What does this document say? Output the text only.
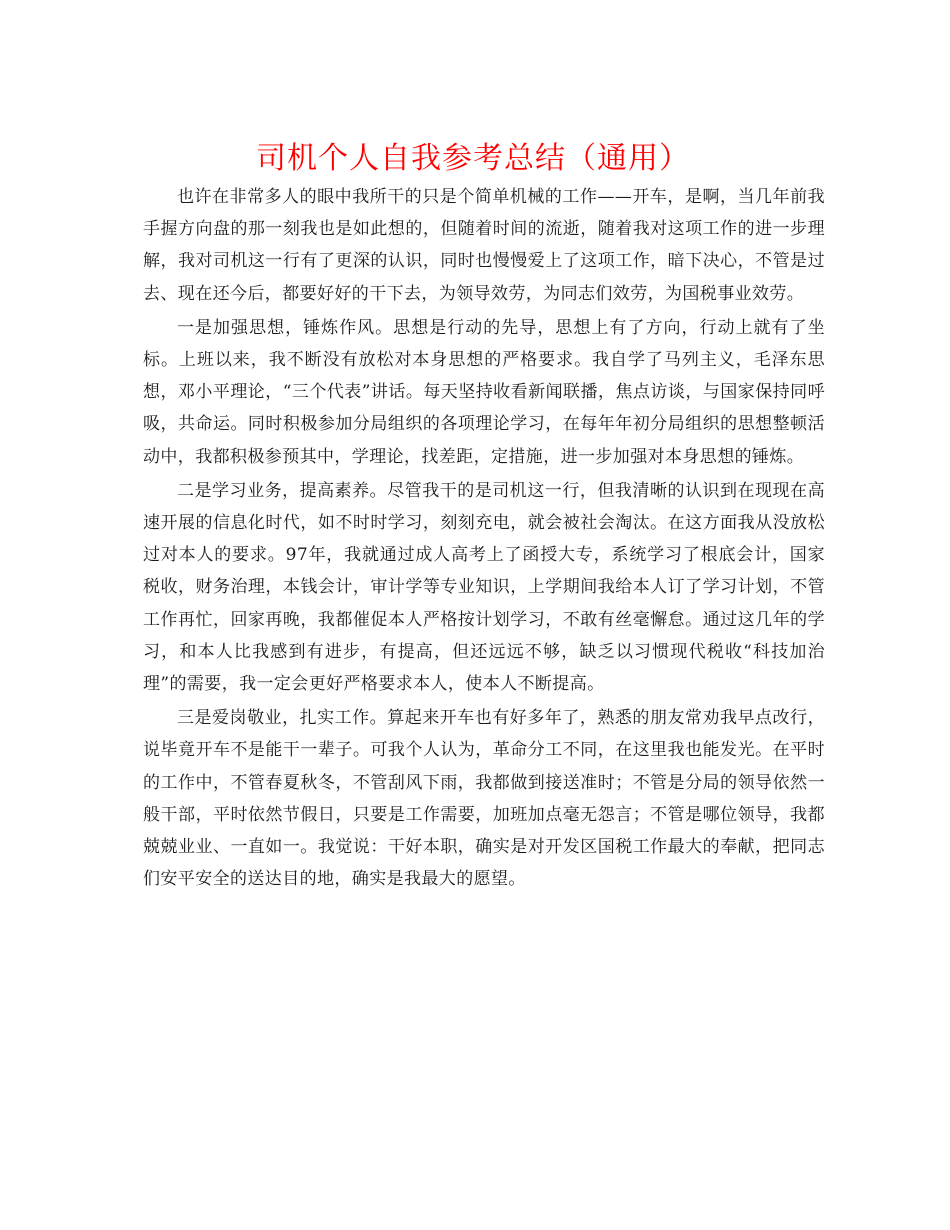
司机个人自我参考总结（通用）

也许在非常多人的眼中我所干的只是个简单机械的工作——开车，是啊，当几年前我手握方向盘的那一刻我也是如此想的，但随着时间的流逝，随着我对这项工作的进一步理解，我对司机这一行有了更深的认识，同时也慢慢爱上了这项工作，暗下决心，不管是过去、现在还今后，都要好好的干下去，为领导效劳，为同志们效劳，为国税事业效劳。

一是加强思想，锤炼作风。思想是行动的先导，思想上有了方向，行动上就有了坐标。上班以来，我不断没有放松对本身思想的严格要求。我自学了马列主义，毛泽东思想，邓小平理论，“三个代表”讲话。每天坚持收看新闻联播，焦点访谈，与国家保持同呼吸，共命运。同时积极参加分局组织的各项理论学习，在每年年初分局组织的思想整顿活动中，我都积极参预其中，学理论，找差距，定措施，进一步加强对本身思想的锤炼。

二是学习业务，提高素养。尽管我干的是司机这一行，但我清晰的认识到在现现在高速开展的信息化时代，如不时时学习，刻刻充电，就会被社会淘汰。在这方面我从没放松过对本人的要求。97年，我就通过成人高考上了函授大专，系统学习了根底会计，国家税收，财务治理，本钱会计，审计学等专业知识，上学期间我给本人订了学习计划，不管工作再忙，回家再晚，我都催促本人严格按计划学习，不敢有丝毫懈怠。通过这几年的学习，和本人比我感到有进步，有提高，但还远远不够，缺乏以习惯现代税收“科技加治理”的需要，我一定会更好严格要求本人，使本人不断提高。

三是爱岗敬业，扎实工作。算起来开车也有好多年了，熟悉的朋友常劝我早点改行，说毕竟开车不是能干一辈子。可我个人认为，革命分工不同，在这里我也能发光。在平时的工作中，不管春夏秋冬，不管刮风下雨，我都做到接送准时；不管是分局的领导依然一般干部，平时依然节假日，只要是工作需要，加班加点毫无怨言；不管是哪位领导，我都兢兢业业、一直如一。我觉说：干好本职，确实是对开发区国税工作最大的奉献，把同志们安平安全的送达目的地，确实是我最大的愿望。
